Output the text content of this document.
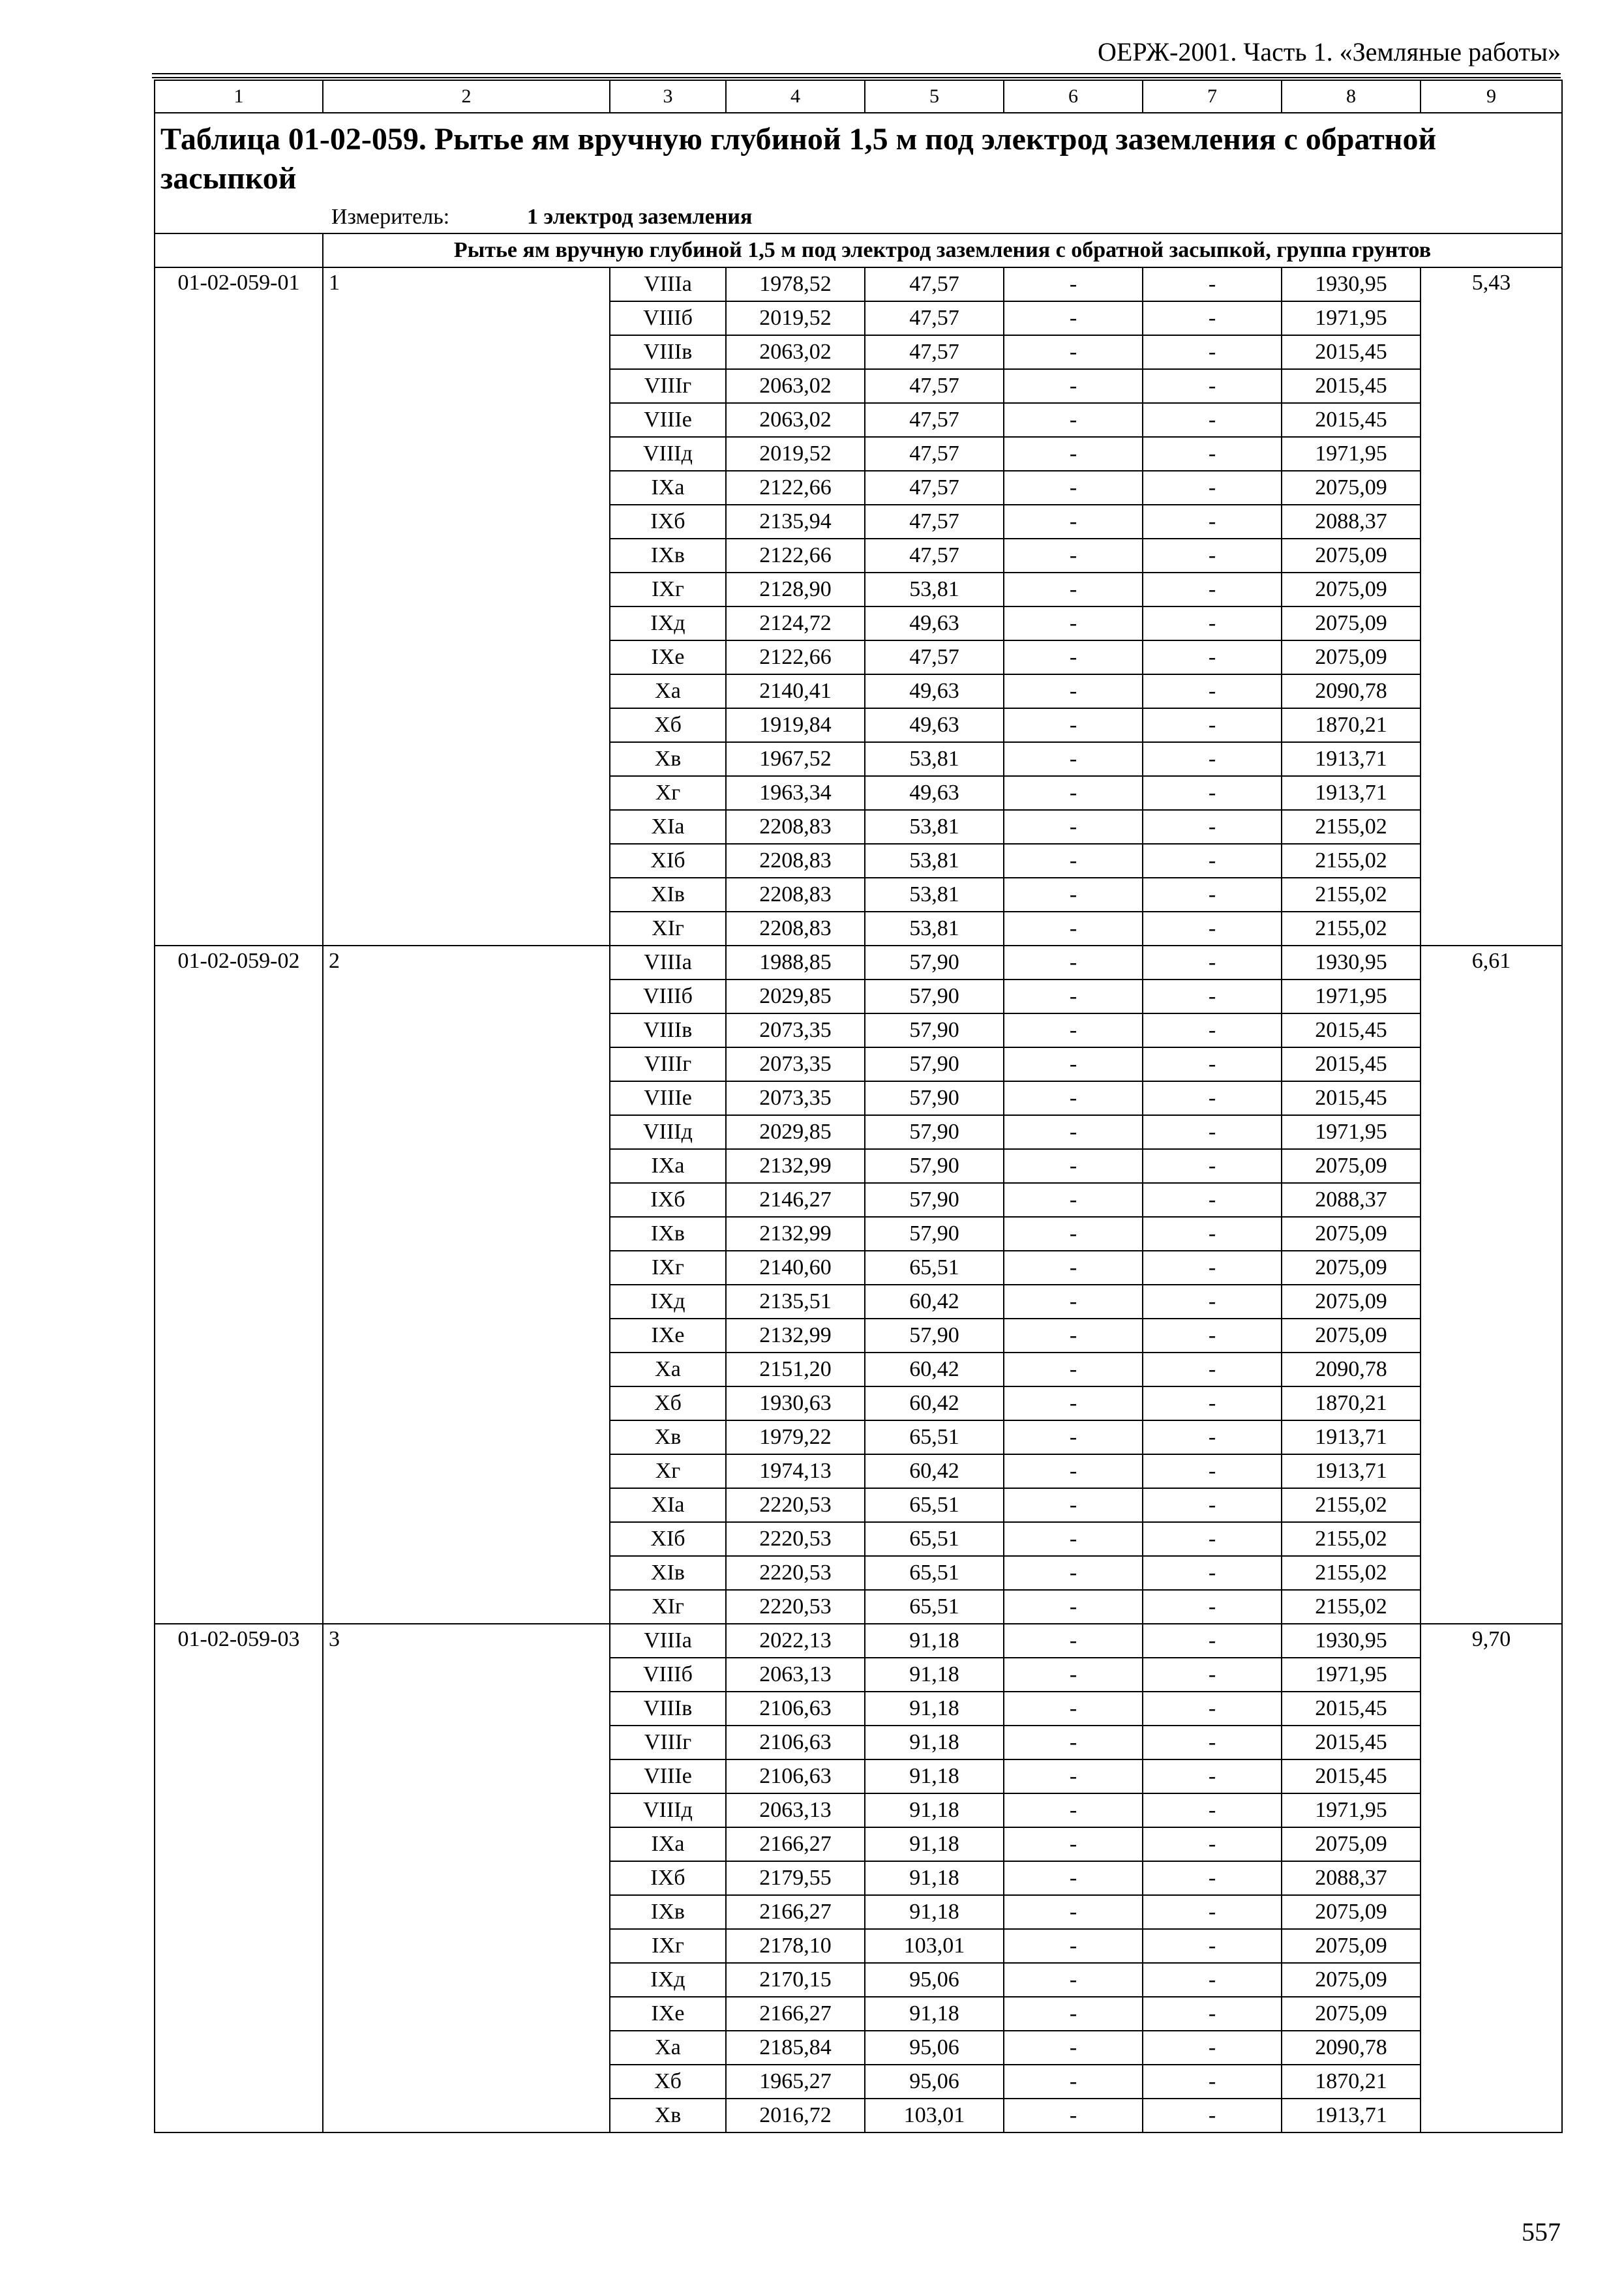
ОЕРЖ-2001. Часть 1. «Земляные работы»
1	2	3	4	5	6	7	8	9
Таблица 01-02-059. Рытье ям вручную глубиной 1,5 м под электрод заземления с обратной засыпкой								
Измеритель: 1 электрод заземления								
	Рытье ям вручную глубиной 1,5 м под электрод заземления с обратной засыпкой, группа грунтов							
01-02-059-01	1	VIIIa	1978,52	47,57	-	-	1930,95	5,43
		VIIIб	2019,52	47,57	-	-	1971,95	
		VIIIв	2063,02	47,57	-	-	2015,45	
		VIIIг	2063,02	47,57	-	-	2015,45	
		VIIIe	2063,02	47,57	-	-	2015,45	
		VIIIд	2019,52	47,57	-	-	1971,95	
		IXa	2122,66	47,57	-	-	2075,09	
		IXб	2135,94	47,57	-	-	2088,37	
		IXв	2122,66	47,57	-	-	2075,09	
		IXг	2128,90	53,81	-	-	2075,09	
		IXд	2124,72	49,63	-	-	2075,09	
		IXe	2122,66	47,57	-	-	2075,09	
		Xa	2140,41	49,63	-	-	2090,78	
		Xб	1919,84	49,63	-	-	1870,21	
		Xв	1967,52	53,81	-	-	1913,71	
		Xг	1963,34	49,63	-	-	1913,71	
		XIa	2208,83	53,81	-	-	2155,02	
		XIб	2208,83	53,81	-	-	2155,02	
		XIв	2208,83	53,81	-	-	2155,02	
		XIг	2208,83	53,81	-	-	2155,02	
01-02-059-02	2	VIIIa	1988,85	57,90	-	-	1930,95	6,61
		VIIIб	2029,85	57,90	-	-	1971,95	
		VIIIв	2073,35	57,90	-	-	2015,45	
		VIIIг	2073,35	57,90	-	-	2015,45	
		VIIIe	2073,35	57,90	-	-	2015,45	
		VIIIд	2029,85	57,90	-	-	1971,95	
		IXa	2132,99	57,90	-	-	2075,09	
		IXб	2146,27	57,90	-	-	2088,37	
		IXв	2132,99	57,90	-	-	2075,09	
		IXг	2140,60	65,51	-	-	2075,09	
		IXд	2135,51	60,42	-	-	2075,09	
		IXe	2132,99	57,90	-	-	2075,09	
		Xa	2151,20	60,42	-	-	2090,78	
		Xб	1930,63	60,42	-	-	1870,21	
		Xв	1979,22	65,51	-	-	1913,71	
		Xг	1974,13	60,42	-	-	1913,71	
		XIa	2220,53	65,51	-	-	2155,02	
		XIб	2220,53	65,51	-	-	2155,02	
		XIв	2220,53	65,51	-	-	2155,02	
		XIг	2220,53	65,51	-	-	2155,02	
01-02-059-03	3	VIIIa	2022,13	91,18	-	-	1930,95	9,70
		VIIIб	2063,13	91,18	-	-	1971,95	
		VIIIв	2106,63	91,18	-	-	2015,45	
		VIIIг	2106,63	91,18	-	-	2015,45	
		VIIIe	2106,63	91,18	-	-	2015,45	
		VIIIд	2063,13	91,18	-	-	1971,95	
		IXa	2166,27	91,18	-	-	2075,09	
		IXб	2179,55	91,18	-	-	2088,37	
		IXв	2166,27	91,18	-	-	2075,09	
		IXг	2178,10	103,01	-	-	2075,09	
		IXд	2170,15	95,06	-	-	2075,09	
		IXe	2166,27	91,18	-	-	2075,09	
		Xa	2185,84	95,06	-	-	2090,78	
		Xб	1965,27	95,06	-	-	1870,21	
		Xв	2016,72	103,01	-	-	1913,71	
557
